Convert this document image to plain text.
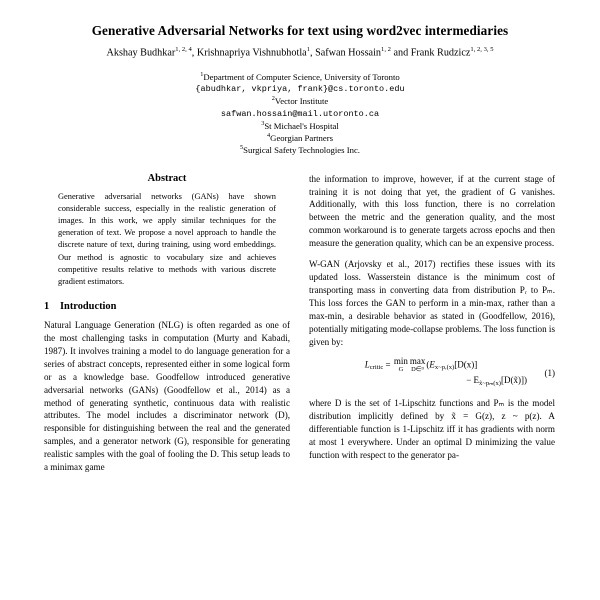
Generative Adversarial Networks for text using word2vec intermediaries
Akshay Budhkar$^{1, 2, 4}$, Krishnapriya Vishnubhotla$^1$, Safwan Hossain$^{1, 2}$ and Frank Rudzicz$^{1, 2, 3, 5}$
$^1$Department of Computer Science, University of Toronto
{abudhkar, vkpriya, frank}@cs.toronto.edu
$^2$Vector Institute
safwan.hossain@mail.utoronto.ca
$^3$St Michael's Hospital
$^4$Georgian Partners
$^5$Surgical Safety Technologies Inc.
Abstract
Generative adversarial networks (GANs) have shown considerable success, especially in the realistic generation of images. In this work, we apply similar techniques for the generation of text. We propose a novel approach to handle the discrete nature of text, during training, using word embeddings. Our method is agnostic to vocabulary size and achieves competitive results relative to methods with various discrete gradient estimators.
1 Introduction

Natural Language Generation (NLG) is often regarded as one of the most challenging tasks in computation (Murty and Kabadi, 1987). It involves training a model to do language generation for a series of abstract concepts, represented either in some logical form or as a knowledge base. Goodfellow introduced generative adversarial networks (GANs) (Goodfellow et al., 2014) as a method of generating synthetic, continuous data with realistic attributes. The model includes a discriminator network (D), responsible for distinguishing between the real and the generated samples, and a generator network (G), responsible for generating realistic samples with the goal of fooling the D. This setup leads to a minimax game

the information to improve, however, if at the current stage of training it is not doing that yet, the gradient of G vanishes. Additionally, with this loss function, there is no correlation between the metric and the generation quality, and the most common workaround is to generate targets across epochs and then measure the generation quality, which can be an expensive process.

W-GAN (Arjovsky et al., 2017) rectifies these issues with its updated loss. Wasserstein distance is the minimum cost of transporting mass in converting data from distribution Pᵣ to Pₘ. This loss forces the GAN to perform in a min-max, rather than a max-min, a desirable behavior as stated in (Goodfellow, 2016), potentially mitigating mode-collapse problems. The loss function is given by:

$L_{critic} = \min$
G
max
D∈ᴰ
($E_{x\sim pᵣ(x)}[D(x)]$
− $E_{x̃\sim p_m(x)}[D(x̃)]$)
(1)

where D is the set of 1-Lipschitz functions and Pₘ is the model distribution implicitly defined by x̃ = G(z), z ~ p(z). A differentiable function is 1-Lipschitz iff it has gradients with norm at most 1 everywhere. Under an optimal D minimizing the value function with respect to the generator pa-
